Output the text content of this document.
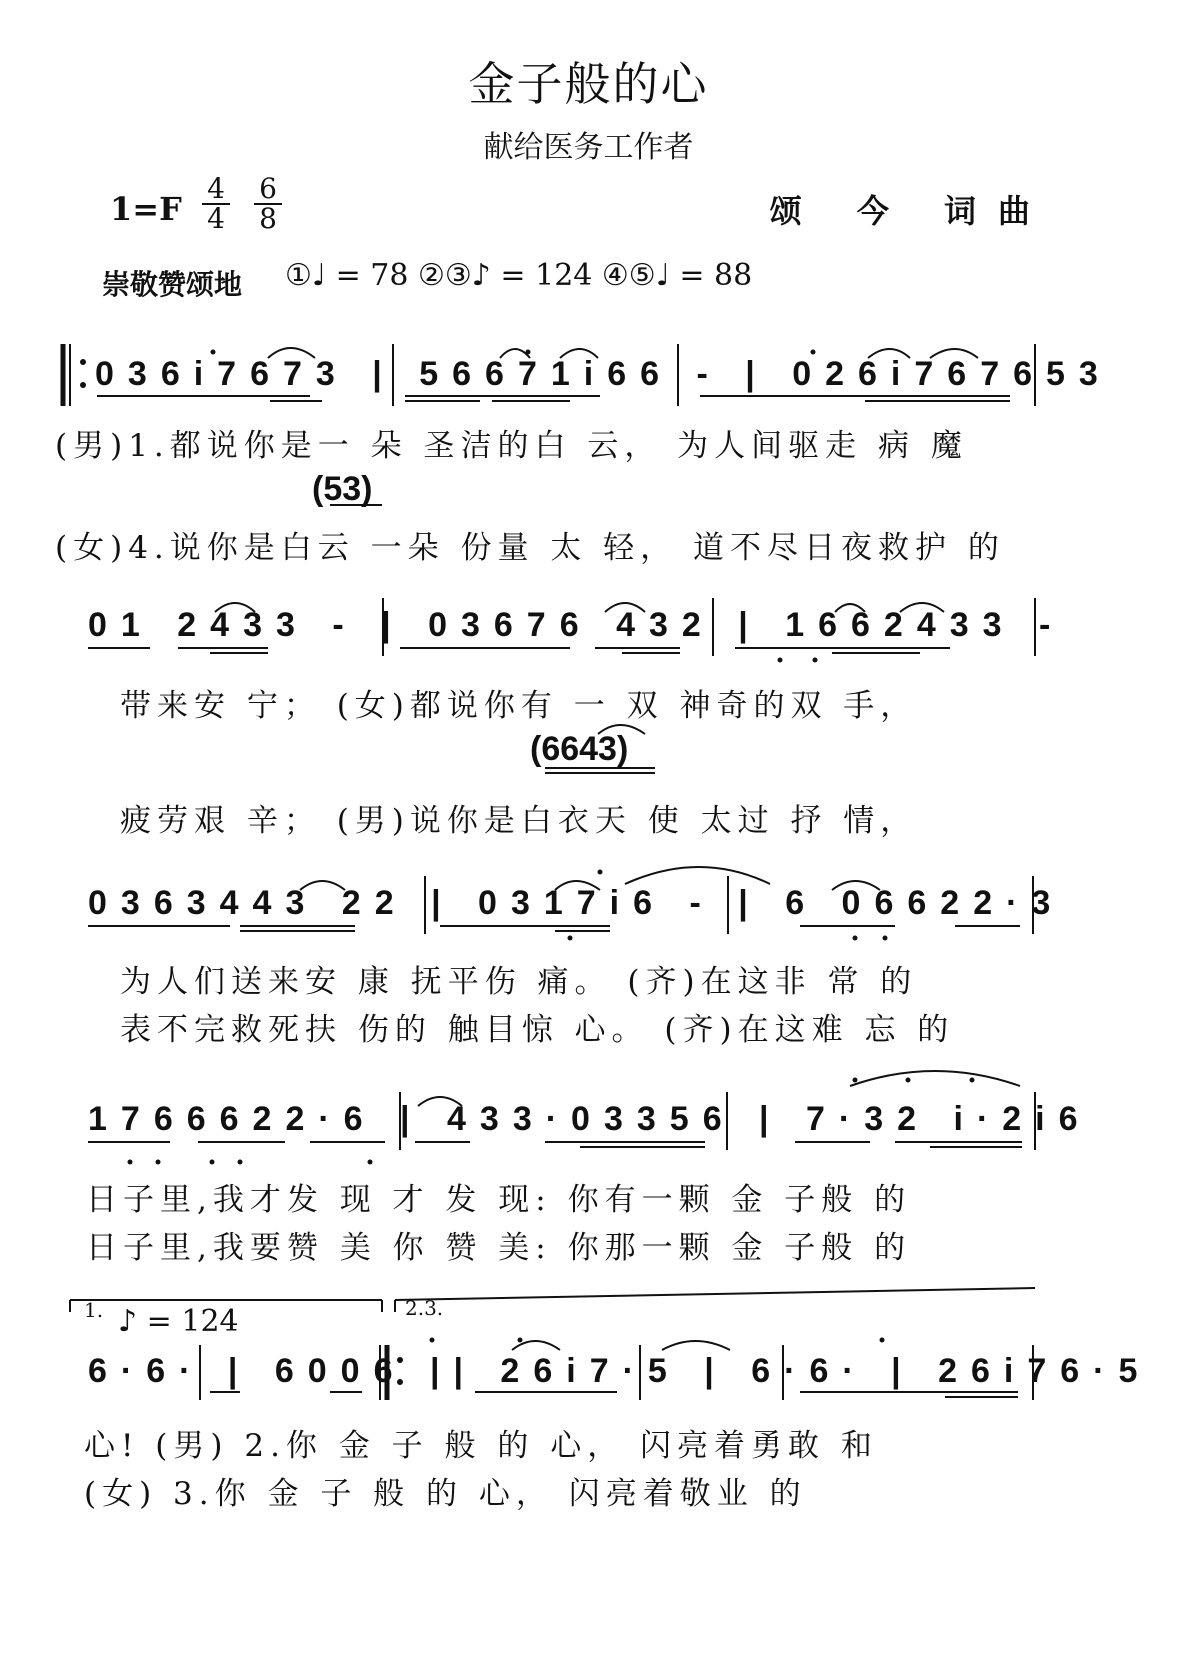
金子般的心
献给医务工作者
1=F
4
4
6
8	颂 今 词曲
崇敬赞颂地 ①♩ = 78 ②③♪ = 124 ④⑤♩ = 88
036i7673 | 56671i66 - | 026i767653
(男)1.都说你是一 朵 圣洁的白 云， 为人间驱走 病 魔
(53)
(女)4.说你是白云 一朵 份量 太 轻， 道不尽日夜救护 的
01 2433 - | 03676 432 | 1662433 -
带来安 宁； (女)都说你有 一 双 神奇的双 手，
(6643)
疲劳艰 辛； (男)说你是白衣天 使 太过 抒 情，
0363443 22 | 0317i6 - | 6 06622·3
为人们送来安 康 抚平伤 痛。 (齐)在这非 常 的
表不完救死扶 伤的 触目惊 心。 (齐)在这难 忘 的
1766622·6 | 433·03356 | 7·32 i·2i6
日子里,我才发 现 才 发 现: 你有一颗 金 子般 的
日子里,我要赞 美 你 赞 美: 你那一颗 金 子般 的
1.	2.3.
♪ = 124
6·6· | 6006 || 26i7·5 | 6·6· | 26i76·5
心! (男) 2.你 金 子 般 的 心， 闪亮着勇敢 和
(女) 3.你 金 子 般 的 心， 闪亮着敬业 的
